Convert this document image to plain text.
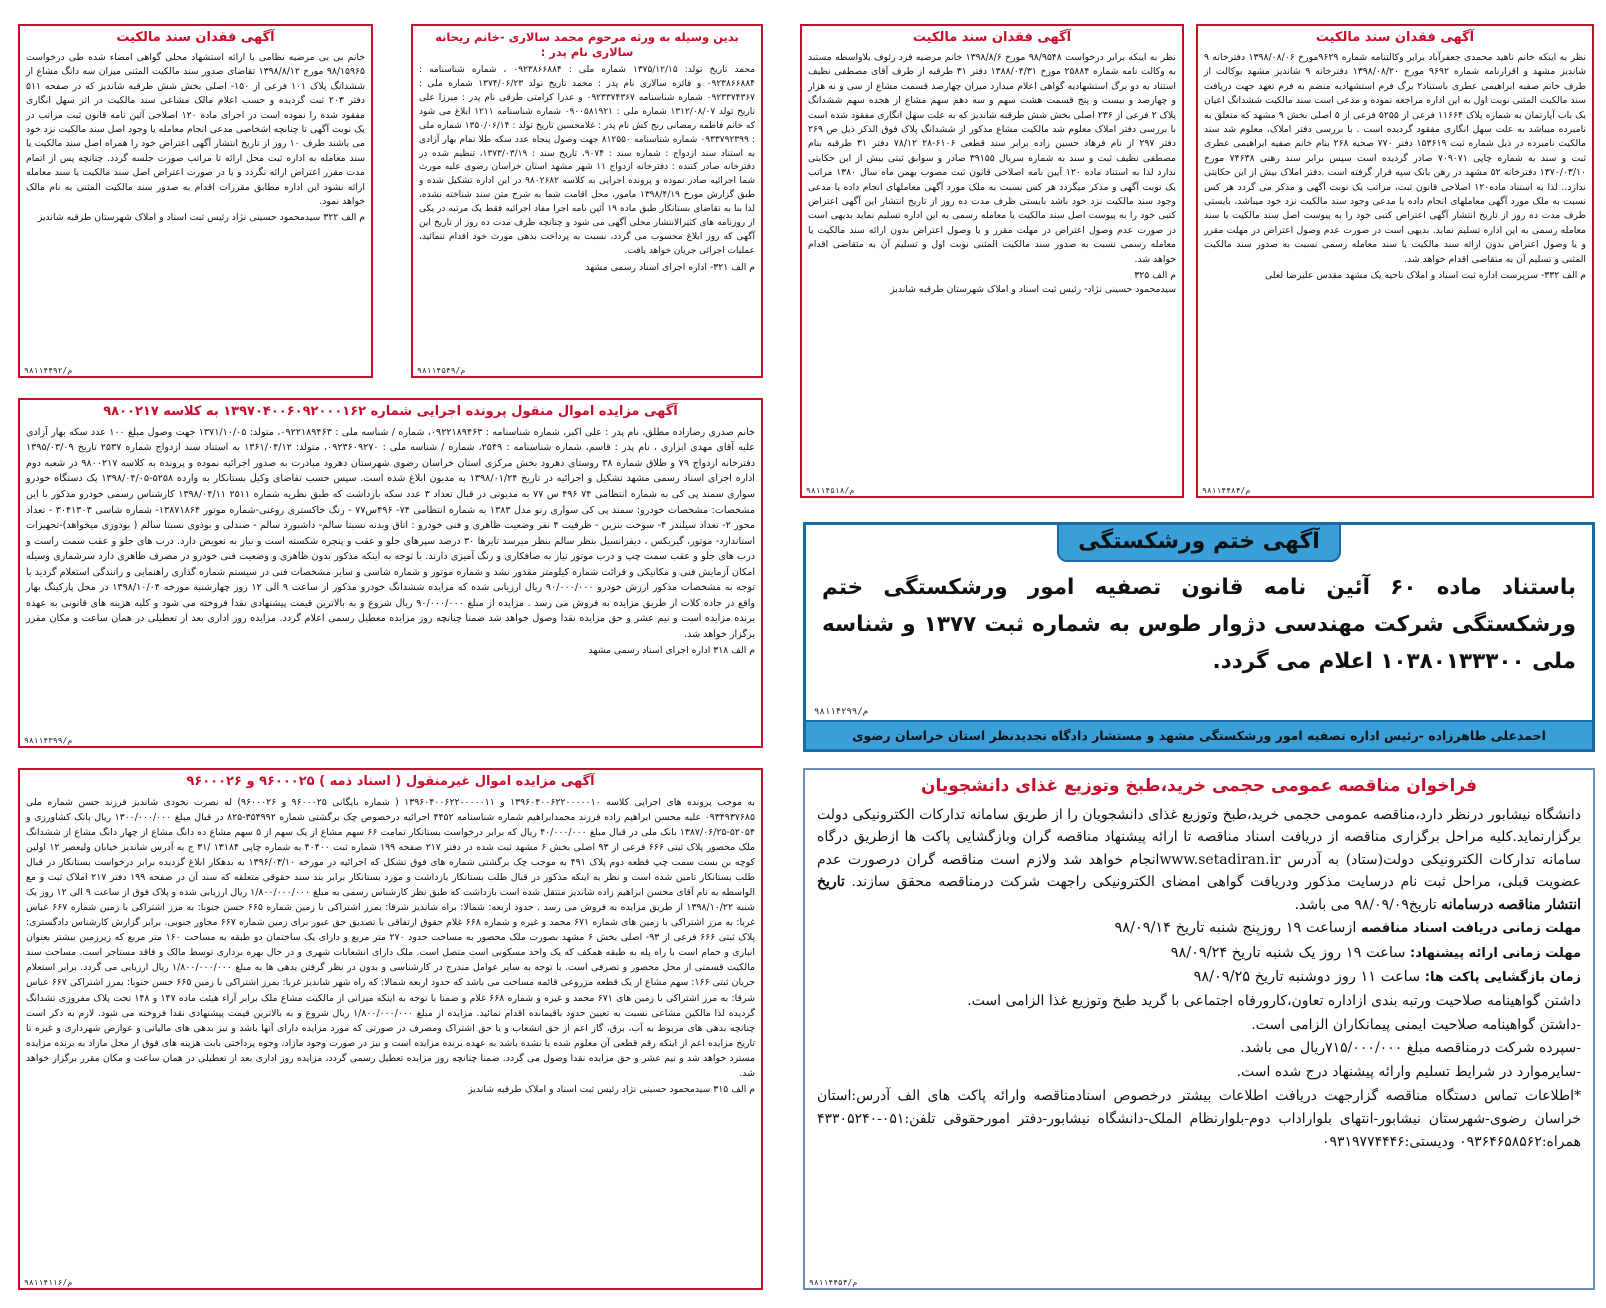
آگهی فقدان سند مالکیت
نظر به اینکه خانم ناهید محمدی جعفرآباد برابر وکالتنامه شماره ۹۶۲۹مورخ ۱۳۹۸/۰۸/۰۶ دفترخانه ۹ شاندیز مشهد و اقرارنامه شماره ۹۶۹۲ مورخ ۱۳۹۸/۰۸/۲۰ دفترخانه ۹ شاندیز مشهد بوکالت از طرف خانم صفیه ابراهیمی عطری باستناد۲ برگ فرم استشهادیه منضم به فرم تعهد جهت دریافت سند مالکیت المثنی نوبت اول به این اداره مراجعه نموده و مدعی است سند مالکیت ششدانگ اعیان یک باب آپارتمان به شماره پلاک ۱۱۶۶۴ فرعی از ۵۲۵۵ فرعی از ۵ اصلی بخش ۹ مشهد که متعلق به نامبرده میباشد به علت سهل انگاری مفقود گردیده است . با بررسی دفتر املاک، معلوم شد سند مالکیت نامبرده در ذیل شماره ثبت ۱۵۳۶۱۹ دفتر ۷۷۰ صحیه ۲۶۸ بنام خانم صفیه ابراهیمی عطری ثبت و سند به شماره چاپی ۷۰۹۰۷۱ صادر گردیده است سپس برابر سند رهنی ۷۴۶۳۸ مورخ ۱۳۷۰/۰۳/۱۰ دفترخانه ۵۲ مشهد در رهن بانک سپه قرار گرفته است .دفتر املاک بیش از این حکایتی ندارد.. لذا به استناد ماده۱۲۰ اصلاحی قانون ثبت، مراتب یک نوبت آگهی و مذکر می گردد هر کس نسبت به ملک مورد آگهی معاملهای انجام داده یا مدعی وجود سند مالکیت نزد خود میباشد، بایستی ظرف مدت ده روز از تاریخ انتشار آگهی اعتراض کتبی خود را به پیوست اصل سند مالکیت یا سند معامله رسمی به این اداره تسلیم نماید. بدیهی است در صورت عدم وصول اعتراض در مهلت مقرر و یا وصول اعتراض بدون ارائه سند مالکیت یا سند معامله رسمی نسبت به صدور سند مالکیت المثنی و تسلیم آن به متقاضی اقدام خواهد شد.
م الف ۳۳۲- سرپرست اداره ثبت اسناد و املاک ناحیه یک مشهد مقدس علیرضا لعلی
۹۸۱۱۴۴۸۴/م
آگهی فقدان سند مالکیت
نظر به اینکه برابر درخواست ۹۸/۹۵۴۸ مورخ ۱۳۹۸/۸/۶ خانم مرضیه فرد رئوف بلاواسطه مستند به وکالت نامه شماره ۲۵۸۸۴ مورخ ۱۳۸۸/۰۴/۳۱ دفتر ۳۱ طرقبه از طرف آقای مصطفی نظیف استناد به دو برگ استشهادیه گواهی اعلام میدارد میزان چهارصد قسمت مشاع از سی و نه هزار و چهارصد و بیست و پنج قسمت هشت سهم و سه دهم سهم مشاع از هجده سهم ششدانگ پلاک ۲ فرعی از ۲۳۶ اصلی بخش شش طرقبه شاندیز که به علت سهل انگاری مفقود شده است با بررسی دفتر املاک معلوم شد مالکیت مشاع مذکور از ششدانگ پلاک فوق الذکر ذیل ص ۲۶۹ دفتر ۲۹۷ از نام فرهاد حسین زاده برابر سند قطعی ۶۱۰۶-۲۸ ۷۸/۱۲ دفتر ۳۱ طرقبه بنام مصطفی نظیف ثبت و سند به شماره سریال ۳۹۱۵۵ صادر و سوابق ثبتی بیش از این حکایتی ندارد لذا به استناد ماده ۱۲۰ آیین نامه اصلاحی قانون ثبت مصوب بهمن ماه سال ۱۳۸۰ مراتب یک نوبت آگهی و مذکر میگردد هر کس نسبت به ملک مورد آگهی معاملهای انجام داده یا مدعی وجود سند مالکیت نزد خود باشد بایستی ظرف مدت ده روز از تاریخ انتشار این آگهی اعتراض کتبی خود را به پیوست اصل سند مالکیت یا معامله رسمی به این اداره تسلیم نماید بدیهی است در صورت عدم وصول اعتراض در مهلت مقرر و یا وصول اعتراض بدون ارائه سند مالکیت یا معامله رسمی نسبت به صدور سند مالکیت المثنی نوبت اول و تسلیم آن به متقاضی اقدام خواهد شد.
م الف ۳۲۵
سیدمحمود حسینی نژاد- رئیس ثبت اسناد و املاک شهرستان طرقبه شاندیز
۹۸۱۱۴۵۱۸/م
بدین وسیله به ورثه مرحوم محمد سالاری -خانم ریحانه سالاری نام پدر :
محمد تاریخ تولد: ۱۳۷۵/۱۲/۱۵ شماره ملی : ۰۹۲۳۸۶۶۸۸۴ ، شماره شناسنامه : ۰۹۲۳۸۶۶۸۸۴ و فائزه سالاری نام پدر : محمد تاریخ تولد ۱۳۷۴/۰۶/۲۳ شماره ملی : ۰۹۲۳۳۷۴۳۶۷ شماره شناسنامه ۰۹۲۳۳۷۴۳۶۷ و عذرا کرامتی طرقی نام پدر : میرزا علی تاریخ تولد ۱۳۱۲/۰۸/۰۷ شماره ملی : ۰۹۰۰۵۸۱۹۲۱ شماره شناسنامه ۱۲۱۱ ابلاغ می شود که خانم فاطمه رمضانی رنج کش نام پدر : غلامحسین تاریخ تولد : ۱۳۵۰/۰۶/۱۴ شماره ملی : ۰۹۳۳۷۹۲۳۹۹ شماره شناسنامه ۸۱۲۵۵۰ جهت وصول پنجاه عدد سکه طلا تمام بهار آزادی به استناد سند ازدواج : شماره سند : ۹۰۷۴، تاریخ سند : ۱۳۷۳/۰۳/۱۹، تنظیم شده در دفترخانه صادر کننده : دفترخانه ازدواج ۱۱ شهر مشهد استان خراسان رضوی علیه مورث شما اجرائیه صادر نموده و پرونده اجرایی به کلاسه ۹۸۰۲۶۸۲ در این اداره تشکیل شده و طبق گزارش مورخ ۱۳۹۸/۴/۱۹ مامور، محل اقامت شما به شرح متن سند شناخته نشده، لذا بنا به تقاضای بستانکار طبق ماده ۱۹ آئین نامه اجرا مفاد اجرائیه فقط یک مرتبه در یکی از روزنامه های کثیرالانتشار محلی آگهی می شود و چنانچه ظرف مدت ده روز از تاریخ این آگهی که روز ابلاغ محسوب می گردد، نسبت به پرداخت بدهی مورث خود اقدام ننمائید، عملیات اجرائی جریان خواهد یافت.
م الف ۳۲۱- اداره اجرای اسناد رسمی مشهد
۹۸۱۱۴۵۴۹/م
آگهی فقدان سند مالکیت
خانم بی بی مرضیه نظامی با ارائه استشهاد محلی گواهی امضاء شده طی درخواست ۹۸/۱۵۹۶۵ مورخ ۱۳۹۸/۸/۱۲ تقاضای صدور سند مالکیت المثنی میزان سه دانگ مشاع از ششدانگ پلاک ۱۰۱ فرعی از ۱۵۰- اصلی بخش شش طرقبه شاندیز که در صفحه ۵۱۱ دفتر ۲۰۳ ثبت گردیده و حسب اعلام مالک مشاعی سند مالکیت در اثر سهل انگاری مفقود شده را نموده است در اجرای ماده ۱۲۰ اصلاحی آئین نامه قانون ثبت مراتب در یک نوبت آگهی تا چنانچه اشخاصی مدعی انجام معامله یا وجود اصل سند مالکیت نزد خود می باشند ظرف ۱۰ روز از تاریخ انتشار آگهی اعتراض خود را همراه اصل سند مالکیت یا سند معامله به اداره ثبت محل ارائه تا مراتب صورت جلسه گردد. چنانچه پس از اتمام مدت مقرر اعتراض ارائه نگردد و یا در صورت اعتراض اصل سند مالکیت یا سند معامله ارائه نشود این اداره مطابق مقررات اقدام به صدور سند مالکیت المثنی به نام مالک خواهد نمود.
م الف ۳۲۲ سیدمحمود حسینی نژاد رئیس ثبت اسناد و املاک شهرستان طرقبه شاندیز
۹۸۱۱۴۴۹۲/م
آگهی مزایده اموال منقول پرونده اجرایی شماره ۱۳۹۷۰۴۰۰۶۰۹۲۰۰۰۱۶۲ به کلاسه ۹۸۰۰۲۱۷
خانم صدری رضازاده مطلق، نام پدر : علی اکبر، شماره شناسنامه : ۰۹۲۲۱۸۹۴۶۳، شماره / شناسه ملی : ۰۹۲۲۱۸۹۴۶۳، متولد: ۱۳۷۱/۱۰/۰۵ جهت وصول مبلغ ۱۰۰ عدد سکه بهار آزادی علیه آقای مهدی ابزاری ، نام پدر : قاسم، شماره شناسنامه : ۲۵۴۹، شماره / شناسه ملی : ۰۹۲۳۶۰۹۲۷۰، متولد: ۱۳۶۱/۰۴/۱۲ به استناد سند ازدواج شماره ۲۵۳۷ تاریخ ۱۳۹۵/۰۳/۰۹ دفترخانه ازدواج ۷۹ و طلاق شماره ۳۸ روستای دهرود بخش مرکزی استان خراسان رضوی شهرستان دهرود مبادرت به صدور اجرائیه نموده و پرونده به کلاسه ۹۸۰۰۲۱۷ در شعبه دوم اداره اجرای اسناد رسمی مشهد تشکیل و اجرائیه در تاریخ ۱۳۹۸/۰۱/۲۴ به مدیون ابلاغ شده است. سپس حسب تقاضای وکیل بستانکار به وارده ۵۲۵۸-۱۳۹۸/۰۴/۰۵ یک دستگاه خودرو سواری سمند پی کی به شماره انتظامی ۷۴ ۴۹۶ س ۷۷ به مدیونی در قبال تعداد ۳ عدد سکه بازداشت که طبق نظریه شماره ۲۵۱۱ ۱۳۹۸/۰۴/۱۱ کارشناس رسمی خودرو مذکور با این مشخصات: مشخصات خودرو: سمند پی کی سواری رنو مدل ۱۳۸۳ به شماره انتظامی ۷۴- ۴۹۶س۷۷ - رنگ خاکستری روغنی-شماره موتور ۱۳۸۷۱۸۶۴- شماره شاسی ۳۰۴۱۳۰۳ - تعداد محور ۲- تعداد سیلندر ۴- سوخت بنزین - ظرفیت ۴ نفر وضعیت ظاهری و فنی خودرو : اتاق وبدنه نسبتا سالم- داشبورد سالم - صندلی و بوذوی نسبتا سالم ( بودوزی میخواهد)-تجهیزات استاندارد- موتور، گیربکس ، دیفرانسیل بنظر سالم بنظر میرسد تایرها ۳۰ درصد سپرهای جلو و عقب و پنجره شکسته است و نیاز به تعویض دارد. درب های جلو و عقب سمت راست و درب های جلو و عقب سمت چپ و درب موتور نیاز به صافکاری و رنگ آمیزی دارند. با توجه به اینکه مذکور بدون ظاهری و وضعیت فنی خودرو در مصرف ظاهری دارد سرشماری وسیله امکان آزمایش فنی و مکانیکی و قرائت شماره کیلومتر مقدور نشد و شماره موتور و شماره شاسی و سایر مشخصات فنی در سیستم شماره گذاری راهنمایی و رانندگی استعلام گردید با توجه به مشخصات مذکور ارزش خودرو ۹۰/۰۰۰/۰۰۰ ریال ارزیابی شده که مزایده ششدانگ خودرو مذکور از ساعت ۹ الی ۱۲ روز چهارشنبه مورخه ۱۳۹۸/۱۰/۰۴ در محل پارکینگ بهار واقع در جاده کلات از طریق مزایده به فروش می رسد . مزایده از مبلغ ۹۰/۰۰۰/۰۰۰ ریال شروع و به بالاترین قیمت پیشنهادی نقدا فروخته می شود و کلیه هزینه های قانونی به عهده برنده مزایده است و نیم عشر و حق مزایده نقدا وصول خواهد شد ضمنا چنانچه روز مزایده معطیل رسمی اعلام گردد. مزایده روز اداری بعد از تعطیلی در همان ساعت و مکان مقرر برگزار خواهد شد.
م الف ۳۱۸ اداره اجرای اسناد رسمی مشهد
۹۸۱۱۴۳۹۹/م
آگهی ختم ورشکستگی
باستناد ماده ۶۰ آئین نامه قانون تصفیه امور ورشکستگی ختم ورشکستگی شرکت مهندسی دژوار طوس به شماره ثبت ۱۳۷۷ و شناسه ملی ۱۰۳۸۰۱۳۳۳۰۰ اعلام می گردد.
۹۸۱۱۴۲۹۹/م
احمدعلی طاهرزاده -رئیس اداره تصفیه امور ورشکستگی مشهد و مستشار دادگاه تجدیدنظر استان خراسان رضوی
آگهی مزایده اموال غیرمنقول ( اسناد ذمه ) ۹۶۰۰۰۲۵ و ۹۶۰۰۰۲۶
به موجب پرونده های اجرایی کلاسه ۱۳۹۶۰۴۰۰۶۲۲۰۰۰۰۰۱۰ و ۱۳۹۶۰۴۰۰۶۲۲۰۰۰۰۰۱۱ ( شماره بایگانی ۹۶۰۰۰۲۵ و ۹۶۰۰۰۲۶) له نصرت نخودی شاندیز فرزند حسن شماره ملی ۰۹۳۴۹۳۷۶۸۵ علیه محسن ابراهیم زاده فرزند محمدابراهیم شماره شناسنامه ۴۴۵۲ اجرائیه درخصوص چک برگشتی شماره ۳۵۴۹۹۲-۸۲۵ در قبال مبلغ ۱۳۰۰/۰۰۰/۰۰۰ ریال بانک کشاورزی و ۵۲۰۵۴-۱۳۸۷/۰۶/۲۵ بانک ملی در قبال مبلغ ۴۰/۰۰۰/۰۰۰ ریال که برابر درخواست بستانکار تمامت ۶۶ سهم مشاع از یک سهم از ۵ سهم مشاع ده دانگ مشاع از چهار دانگ مشاع از ششدانگ ملک محصور پلاک ثبتی ۶۶۶ فرعی از ۹۳ اصلی بخش ۶ مشهد ثبت شده در دفتر ۲۱۷ صفحه ۱۹۹ شماره ثبت ۴۰۴۰۰ به شماره چاپی ۱۳۱۸۴ /۳۱ ج به آدرس شاندیز خیابان ولیعصر ۱۲ اولین کوچه بن بست سمت چپ قطعه دوم پلاک ۴۹۱ به موجب چک برگشتی شماره های فوق تشکل که اجرائیه در مورخه ۱۳۹۶/۰۳/۱۰ به بدهکار ابلاغ گردیده برابر درخواست بستانکار در قبال طلب بستانکار تامین شده است و نظر به اینکه مذکور در قبال طلب بستانکار بازداشت و مورد بستانکار برابر بند سند حقوقی متعلقه که سند آن در صفحه ۱۹۹ دفتر ۲۱۷ املاک ثبت و مع الواسطه به نام آقای محسن ابراهیم زاده شاندیز منتقل شده است بازداشت که طبق نظر کارشناس رسمی به مبلغ ۱/۸۰۰/۰۰۰/۰۰۰ ریال ارزیابی شده و پلاک فوق از ساعت ۹ الی ۱۲ روز یک شنبه ۱۳۹۸/۱۰/۲۲ از طریق مزایده به فروش می رسد . حدود اربعه: شمالا: براه شاندیز شرقا: بمرز اشتراکی با زمین شماره ۶۶۵ حسن جنوبا: به مرز اشتراکی با زمین شماره ۶۶۷ عباس غربا: به مرز اشتراکی با زمین های شماره ۶۷۱ محمد و غیره و شماره ۶۶۸ غلام حقوق ارتفاقی با تصدیق حق عبور برای زمین شماره ۶۶۷ مجاور جنوبی. برابر گزارش کارشناس دادگستری: پلاک ثبتی ۶۶۶ فرعی از ۹۳- اصلی بخش ۶ مشهد بصورت ملک محصور به مساحت حدود ۲۷۰ متر مربع و دارای یک ساختمان دو طبقه به مساحت ۱۶۰ متر مربع که زیرزمین بیشتر بعنوان انباری و حمام است با راه پله به طبقه همکف که یک واحد مسکونی است متصل است. ملک دارای انشعابات شهری و در حال بهره برداری توسط مالک و فاقد مستاجر است. مساحت سند مالکیت قسمتی از محل محصور و تصرفی است. با توجه به سایر عوامل مندرج در کارشناسی و بدون در نظر گرفتن بدهی ها به مبلغ ۱/۸۰۰/۰۰۰/۰۰۰ ریال ارزیابی می گردد. برابر استعلام جریان ثبتی ۱۶۶: سهم مشاع از یک قطعه مزروعی قائمه مساحت می باشد که حدود اربعه شمالا: که راه شهر شاندیز غربا: بمرز اشتراکی با زمین ۶۶۵ حسن جنوبا: بمرز اشتراکی ۶۶۷ عباس شرقا: به مرز اشتراکی با زمین های ۶۷۱ محمد و غیره و شماره ۶۶۸ غلام و ضمنا با توجه به اینکه میزانی از مالکیت مشاع ملک برابر آراء هیئت ماده ۱۴۷ و ۱۴۸ تحت پلاک مفروزی تشدانگ گردیده لذا مالکین مشاعی نسبت به تعیین حدود باقیمانده اقدام نمائید. مزایده از مبلغ ۱/۸۰۰/۰۰۰/۰۰۰ ریال شروع و به بالاترین قیمت پیشنهادی نقدا فروخته می شود. لازم به ذکر است چنانچه بدهی های مربوط به آب، برق، گاز اعم از حق انشعاب و یا حق اشتراک ومصرف در صورتی که مورد مزایده دارای آنها باشد و نیز بدهی های مالیاتی و عوارض شهرداری و غیره تا تاریخ مزایده اعم از اینکه رقم قطعی آن معلوم شده یا نشده باشد به عهده برنده مزایده است و نیز در صورت وجود مازاد، وجوه پرداختی بابت هزینه های فوق از محل مازاد به برنده مزایده مسترد خواهد شد و نیم عشر و حق مزایده نقدا وصول می گردد. ضمنا چنانچه روز مزایده تعطیل رسمی گردد، مزایده روز اداری بعد از تعطیلی در همان ساعت و مکان مقرر برگزار خواهد شد.
م الف ۳۱۵ سیدمحمود حسینی نژاد رئیس ثبت اسناد و املاک طرقبه شاندیز
۹۸۱۱۴۱۱۶/م
فراخوان مناقصه عمومی حجمی خرید،طبخ وتوزیع غذای دانشجویان
دانشگاه نیشابور درنظر دارد،مناقصه عمومی حجمی خرید،طبخ وتوزیع غذای دانشجویان را از طریق سامانه تدارکات الکترونیکی دولت برگزارنماید.کلیه مراحل برگزاری مناقصه از دریافت اسناد مناقصه تا ارائه پیشنهاد مناقصه گران وبازگشایی پاکت ها ازطریق درگاه سامانه تدارکات الکترونیکی دولت(ستاد) به آدرس www.setadiran.irانجام خواهد شد ولازم است مناقصه گران درصورت عدم عضویت قبلی، مراحل ثبت نام درسایت مذکور ودریافت گواهی امضای الکترونیکی راجهت شرکت درمناقصه محقق سازند. تاریخ انتشار مناقصه درسامانه تاریخ۹۸/۰۹/۰۹ می باشد.
مهلت زمانی دریافت اسناد مناقصه ازساعت ۱۹ روزپنج شنبه تاریخ ۹۸/۰۹/۱۴
مهلت زمانی ارائه پیشنهاد: ساعت ۱۹ روز یک شنبه تاریخ ۹۸/۰۹/۲۴
زمان بازگشایی پاکت ها: ساعت ۱۱ روز دوشنبه تاریخ ۹۸/۰۹/۲۵
داشتن گواهینامه صلاحیت ورتبه بندی ازاداره تعاون،کارورفاه اجتماعی با گرید طبخ وتوزیع غذا الزامی است.
-داشتن گواهینامه صلاحیت ایمنی پیمانکاران الزامی است.
-سپرده شرکت درمناقصه مبلغ ۷۱۵/۰۰۰/۰۰۰ریال می باشد.
-سایرموارد در شرایط تسلیم وارائه پیشنهاد درج شده است.
*اطلاعات تماس دستگاه مناقصه گزارجهت دریافت اطلاعات بیشتر درخصوص اسنادمناقصه وارائه پاکت های الف آدرس:استان خراسان رضوی-شهرستان نیشابور-انتهای بلواراداب دوم-بلوارنظام الملک-دانشگاه نیشابور-دفتر امورحقوقی تلفن:۰۵۱-۴۳۳۰۵۲۴۰ همراه:۰۹۳۶۴۶۵۸۵۶۲ ودیستی:۰۹۳۱۹۷۷۴۴۴۶
۹۸۱۱۴۴۵۴/م
